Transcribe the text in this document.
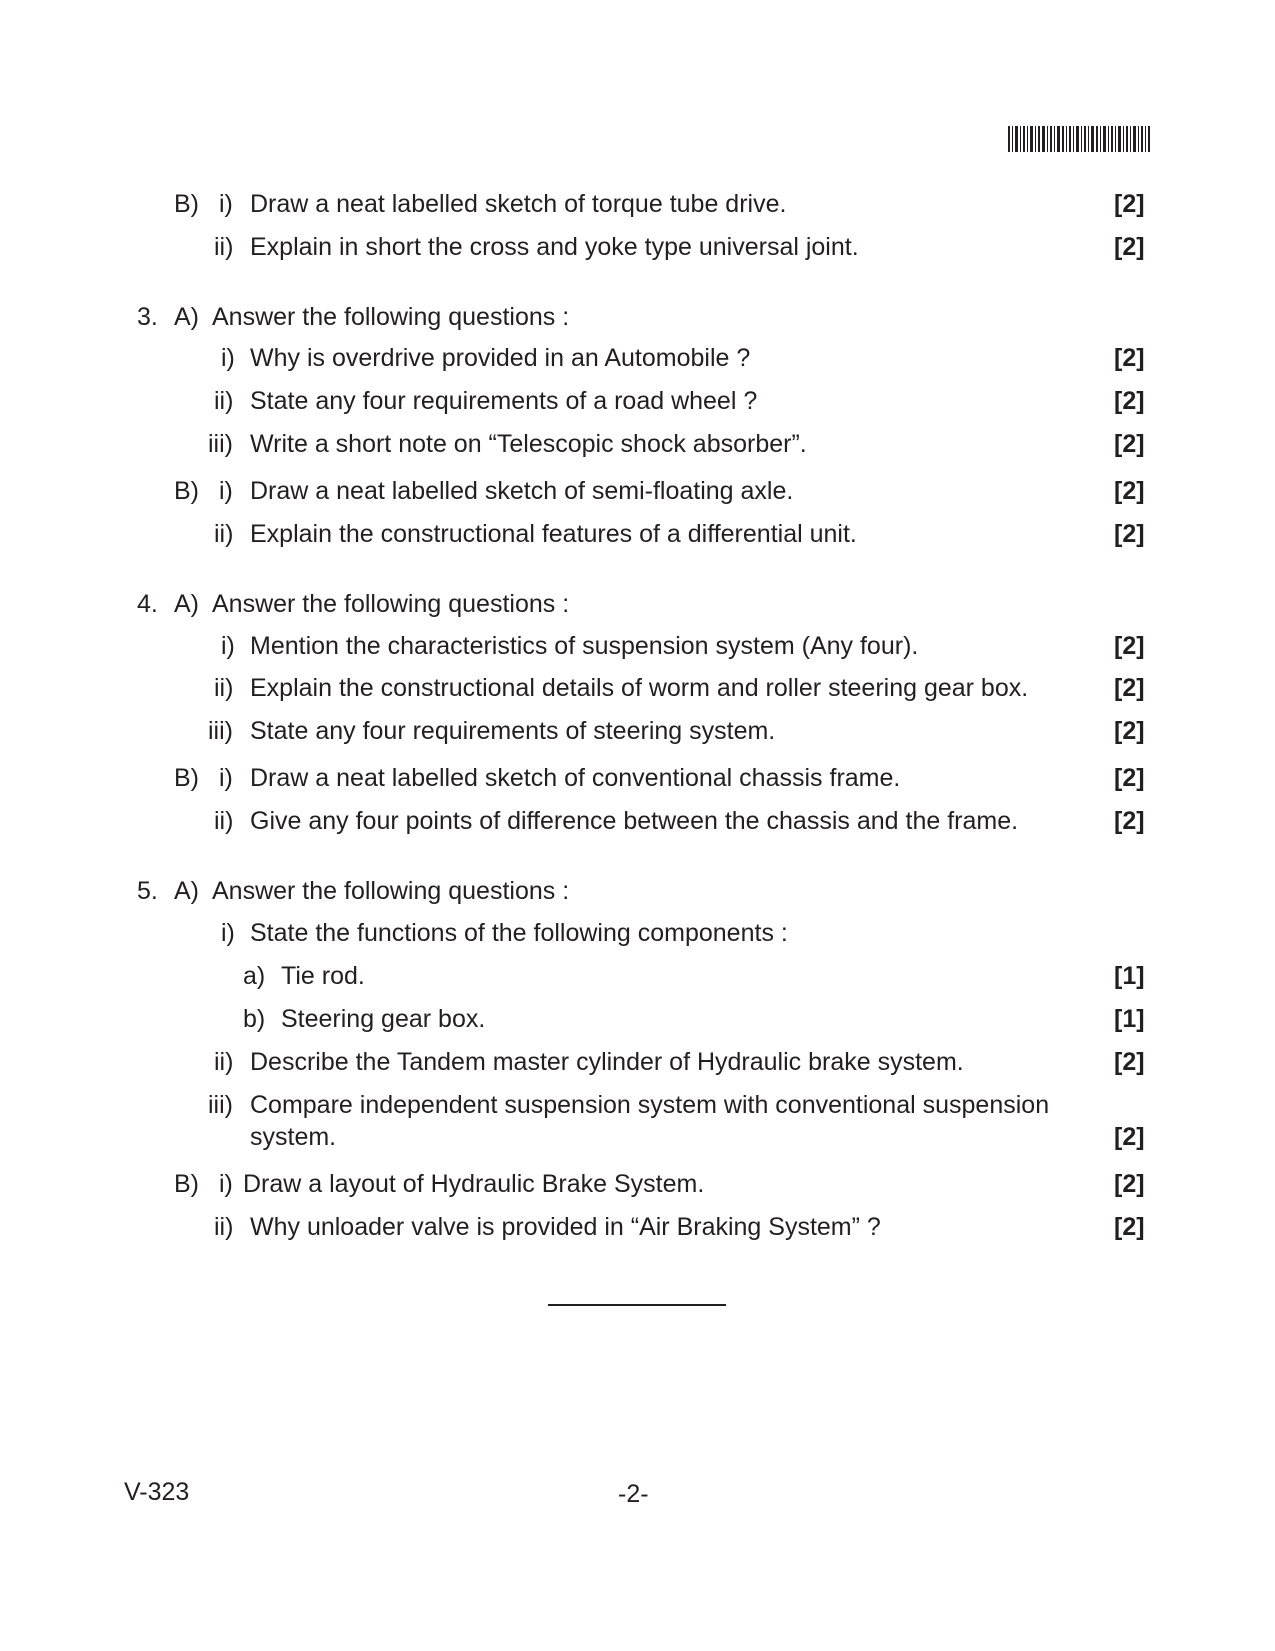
B) i) Draw a neat labelled sketch of torque tube drive.	[2]
ii) Explain in short the cross and yoke type universal joint.	[2]
3. A) Answer the following questions :
i) Why is overdrive provided in an Automobile ?	[2]
ii) State any four requirements of a road wheel ?	[2]
iii) Write a short note on “Telescopic shock absorber”.	[2]
B) i) Draw a neat labelled sketch of semi-floating axle.	[2]
ii) Explain the constructional features of a differential unit.	[2]
4. A) Answer the following questions :
i) Mention the characteristics of suspension system (Any four).	[2]
ii) Explain the constructional details of worm and roller steering gear box.	[2]
iii) State any four requirements of steering system.	[2]
B) i) Draw a neat labelled sketch of conventional chassis frame.	[2]
ii) Give any four points of difference between the chassis and the frame.	[2]
5. A) Answer the following questions :
i) State the functions of the following components :
a) Tie rod.	[1]
b) Steering gear box.	[1]
ii) Describe the Tandem master cylinder of Hydraulic brake system.	[2]
iii) Compare independent suspension system with conventional suspension
system.	[2]
B) i) Draw a layout of Hydraulic Brake System.	[2]
ii) Why unloader valve is provided in “Air Braking System” ?	[2]
V-323	-2-
